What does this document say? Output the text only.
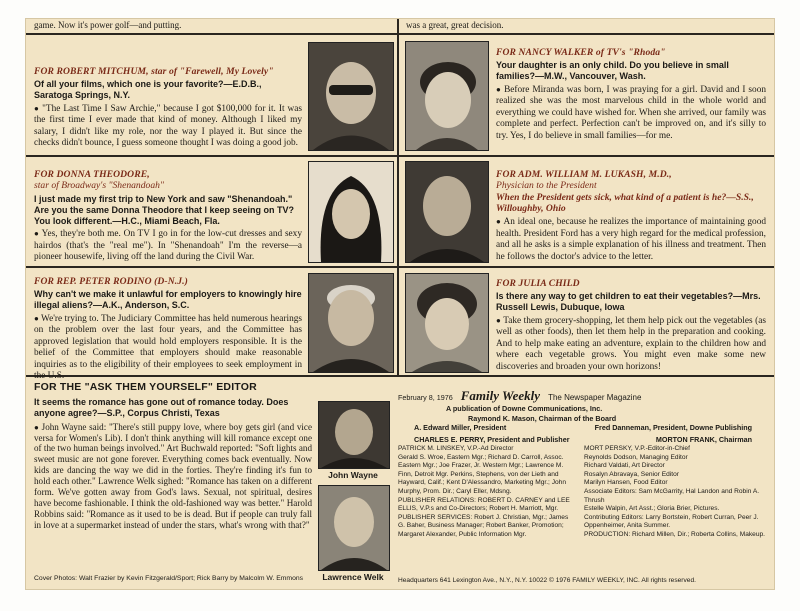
game. Now it's power golf—and putting.	was a great, great decision.

FOR ROBERT MITCHUM, star of "Farewell, My Lovely"

Of all your films, which one is your favorite?—E.D.B., Saratoga Springs, N.Y.

● "The Last Time I Saw Archie," because I got $100,000 for it. It was the first time I ever made that kind of money. Although I liked my salary, I didn't like my role, nor the way I played it. But since the checks didn't bounce, I guess someone thought I was doing a good job.

FOR NANCY WALKER of TV's "Rhoda"

Your daughter is an only child. Do you believe in small families?—M.W., Vancouver, Wash.

● Before Miranda was born, I was praying for a girl. David and I soon realized she was the most marvelous child in the whole world and everything we could have wished for. When she arrived, our family was complete and perfect. Perfection can't be improved on, and it's silly to try. Yes, I do believe in small families—for me.

FOR DONNA THEODORE,

star of Broadway's "Shenandoah"

I just made my first trip to New York and saw "Shenandoah." Are you the same Donna Theodore that I keep seeing on TV? You look different.—H.C., Miami Beach, Fla.

● Yes, they're both me. On TV I go in for the low-cut dresses and sexy hairdos (that's the "real me"). In "Shenandoah" I'm the reverse—a pioneer housewife, living off the land during the Civil War.

FOR ADM. WILLIAM M. LUKASH, M.D.,

Physician to the President

When the President gets sick, what kind of a patient is he?—S.S., Willoughby, Ohio

● An ideal one, because he realizes the importance of maintaining good health. President Ford has a very high regard for the medical profession, and all he asks is a simple explanation of his illness and treatment. Then he follows the doctor's advice to the letter.

FOR REP. PETER RODINO (D-N.J.)

Why can't we make it unlawful for employers to knowingly hire illegal aliens?—A.K., Anderson, S.C.

● We're trying to. The Judiciary Committee has held numerous hearings on the problem over the last four years, and the Committee has approved legislation that would hold employers responsible. It is the belief of the Committee that employers should make reasonable inquiries as to the eligibility of their employees to seek employment in the U.S.

FOR JULIA CHILD

Is there any way to get children to eat their vegetables?—Mrs. Russell Lewis, Dubuque, Iowa

● Take them grocery-shopping, let them help pick out the vegetables (as well as other foods), then let them help in the preparation and cooking. And to help make eating an adventure, explain to the children how and where each vegetable grows. You might even make some new discoveries and broaden your own horizons!

FOR THE "ASK THEM YOURSELF" EDITOR

It seems the romance has gone out of romance today. Does anyone agree?—S.P., Corpus Christi, Texas

● John Wayne said: "There's still puppy love, where boy gets girl (and vice versa for Women's Lib). I don't think anything will kill romance except one of the two human beings involved." Art Buchwald reported: "Soft lights and sweet music are not gone forever. Everything comes back eventually. Now kids are dancing the way we did in the forties. They're finding it's fun to hold each other." Lawrence Welk sighed: "Romance has taken on a different form. We've gotten away from God's laws. Sexual, not spiritual, desires have become fashionable. I think the old-fashioned way was better." Harold Robbins said: "Romance as it used to be is dead. But if people can truly fall in love at a supermarket instead of under the stars, what's wrong with that?"

Cover Photos: Walt Frazier by Kevin Fitzgerald/Sport; Rick Barry by Malcolm W. Emmons
John Wayne
Lawrence Welk
February 8, 1976 Family Weekly The Newspaper Magazine
A publication of Downe Communications, Inc.
Raymond K. Mason, Chairman of the Board
A. Edward Miller, President	Fred Danneman, President, Downe Publishing
CHARLES E. PERRY, President and Publisher	MORTON FRANK, Chairman
PATRICK M. LINSKEY, V.P.-Ad Director
Gerald S. Wroe, Eastern Mgr.; Richard D. Carroll, Assoc. Eastern Mgr.; Joe Frazer, Jr. Western Mgr.; Lawrence M. Finn, Detroit Mgr. Perkins, Stephens, von der Lieth and Hayward, Calif.; Kent D'Alessandro, Marketing Mgr.; John Murphy, Prom. Dir.; Caryl Eller, Mdsng.
PUBLISHER RELATIONS: ROBERT D. CARNEY and LEE ELLIS, V.P.s and Co-Directors; Robert H. Marriott, Mgr. PUBLISHER SERVICES: Robert J. Christian, Mgr.; James G. Baher, Business Manager; Robert Banker, Promotion; Margaret Alexander, Public Information Mgr.
MORT PERSKY, V.P.-Editor-in-Chief
Reynolds Dodson, Managing Editor
Richard Valdati, Art Director
Rosalyn Abravaya, Senior Editor
Marilyn Hansen, Food Editor
Associate Editors: Sam McGarrity, Hal Landon and Robin A. Thrush
Estelle Walpin, Art Asst.; Gloria Brier, Pictures.
Contributing Editors: Larry Bortstein, Robert Curran, Peer J. Oppenheimer, Anita Summer.
PRODUCTION: Richard Millen, Dir.; Roberta Collins, Makeup.
Headquarters 641 Lexington Ave., N.Y., N.Y. 10022 © 1976 FAMILY WEEKLY, INC. All rights reserved.
